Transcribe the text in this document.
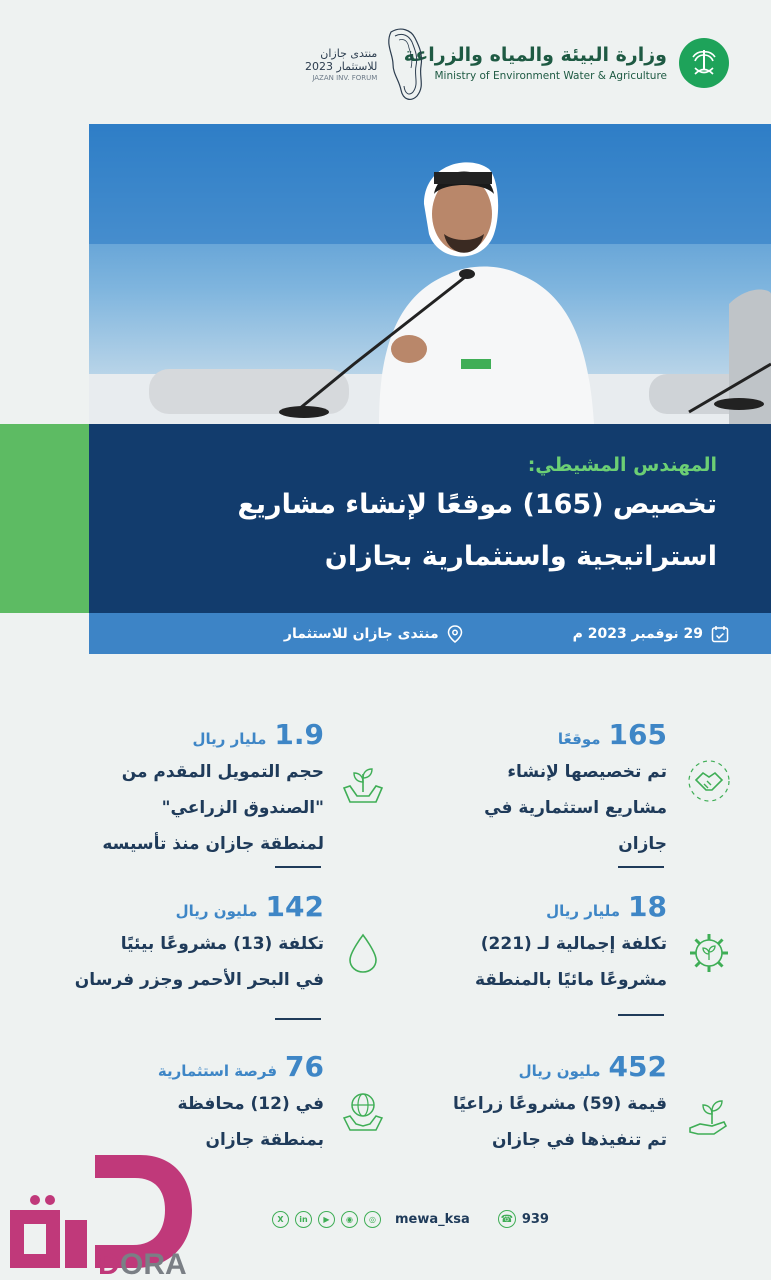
وزارة البيئة والمياه والزراعة
Ministry of Environment Water & Agriculture
منتدى جازان
للاستثمار 2023
JAZAN INV. FORUM
المهندس المشيطي:
تخصيص (165) موقعًا لإنشاء مشاريع
استراتيجية واستثمارية بجازان
29 نوفمبر 2023 م
منتدى جازان للاستثمار
165
موقعًا
تم تخصيصها لإنشاء
مشاريع استثمارية في
جازان
1.9
مليار ريال
حجم التمويل المقدم من
"الصندوق الزراعي"
لمنطقة جازان منذ تأسيسه
18
مليار ريال
تكلفة إجمالية لـ (221)
مشروعًا مائيًا بالمنطقة
142
مليون ريال
تكلفة (13) مشروعًا بيئيًا
في البحر الأحمر وجزر فرسان
452
مليون ريال
قيمة (59) مشروعًا زراعيًا
تم تنفيذها في جازان
76
فرصة استثمارية
في (12) محافظة
بمنطقة جازان
X	in	▶	◉	◎	mewa_ksa	☎ 939
ORA
D
